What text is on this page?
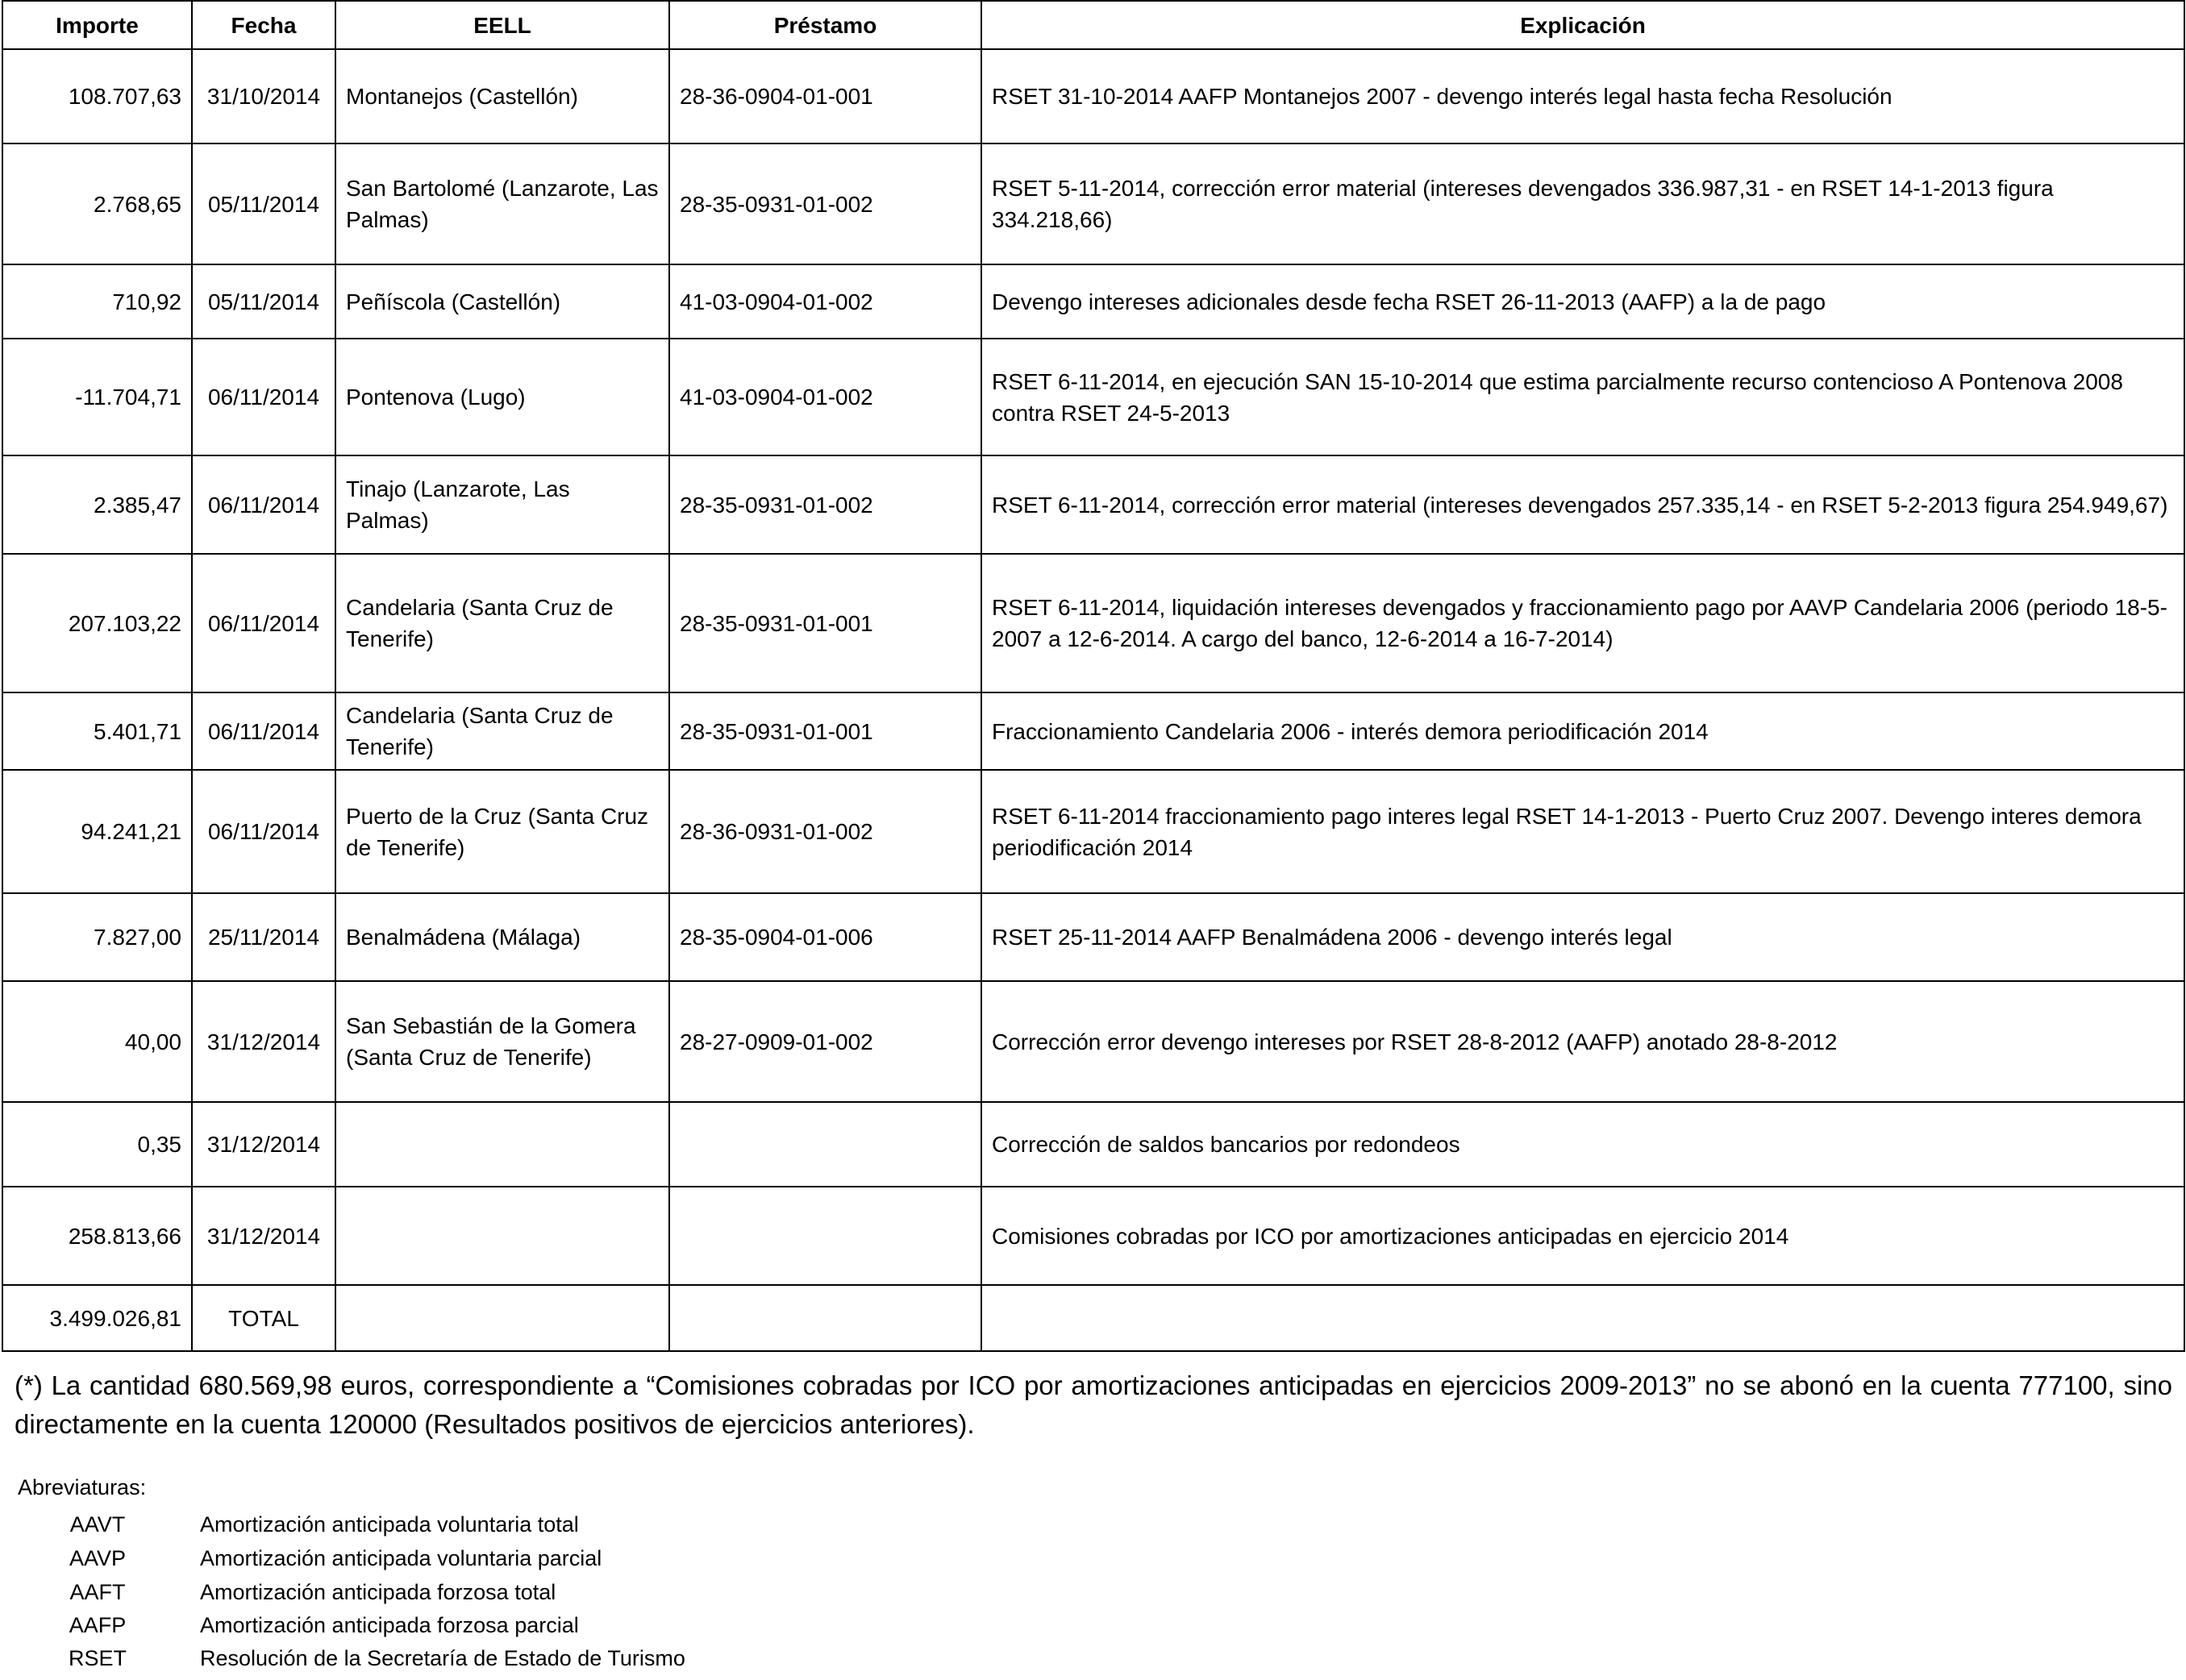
Importe	Fecha	EELL	Préstamo	Explicación
108.707,63	31/10/2014	Montanejos (Castellón)	28-36-0904-01-001	RSET 31-10-2014 AAFP Montanejos 2007 - devengo interés legal hasta fecha Resolución
2.768,65	05/11/2014	San Bartolomé (Lanzarote, Las Palmas)	28-35-0931-01-002	RSET 5-11-2014, corrección error material (intereses devengados 336.987,31 - en RSET 14-1-2013 figura 334.218,66)
710,92	05/11/2014	Peñíscola (Castellón)	41-03-0904-01-002	Devengo intereses adicionales desde fecha RSET 26-11-2013 (AAFP) a la de pago
-11.704,71	06/11/2014	Pontenova (Lugo)	41-03-0904-01-002	RSET 6-11-2014, en ejecución SAN 15-10-2014 que estima parcialmente recurso contencioso A Pontenova 2008 contra RSET 24-5-2013
2.385,47	06/11/2014	Tinajo (Lanzarote, Las Palmas)	28-35-0931-01-002	RSET 6-11-2014, corrección error material (intereses devengados 257.335,14 - en RSET 5-2-2013 figura 254.949,67)
207.103,22	06/11/2014	Candelaria (Santa Cruz de Tenerife)	28-35-0931-01-001	RSET 6-11-2014, liquidación intereses devengados y fraccionamiento pago por AAVP Candelaria 2006 (periodo 18-5-2007 a 12-6-2014. A cargo del banco, 12-6-2014 a 16-7-2014)
5.401,71	06/11/2014	Candelaria (Santa Cruz de Tenerife)	28-35-0931-01-001	Fraccionamiento Candelaria 2006 - interés demora periodificación 2014
94.241,21	06/11/2014	Puerto de la Cruz (Santa Cruz de Tenerife)	28-36-0931-01-002	RSET 6-11-2014 fraccionamiento pago interes legal RSET 14-1-2013 - Puerto Cruz 2007. Devengo interes demora periodificación 2014
7.827,00	25/11/2014	Benalmádena (Málaga)	28-35-0904-01-006	RSET 25-11-2014 AAFP Benalmádena 2006 - devengo interés legal
40,00	31/12/2014	San Sebastián de la Gomera (Santa Cruz de Tenerife)	28-27-0909-01-002	Corrección error devengo intereses por RSET 28-8-2012 (AAFP) anotado 28-8-2012
0,35	31/12/2014			Corrección de saldos bancarios por redondeos
258.813,66	31/12/2014			Comisiones cobradas por ICO por amortizaciones anticipadas en ejercicio 2014
3.499.026,81	TOTAL			
(*) La cantidad 680.569,98 euros, correspondiente a “Comisiones cobradas por ICO por amortizaciones anticipadas en ejercicios 2009-2013” no se abonó en la cuenta 777100, sino directamente en la cuenta 120000 (Resultados positivos de ejercicios anteriores).
Abreviaturas:
AAVT	Amortización anticipada voluntaria total
AAVP	Amortización anticipada voluntaria parcial
AAFT	Amortización anticipada forzosa total
AAFP	Amortización anticipada forzosa parcial
RSET	Resolución de la Secretaría de Estado de Turismo
